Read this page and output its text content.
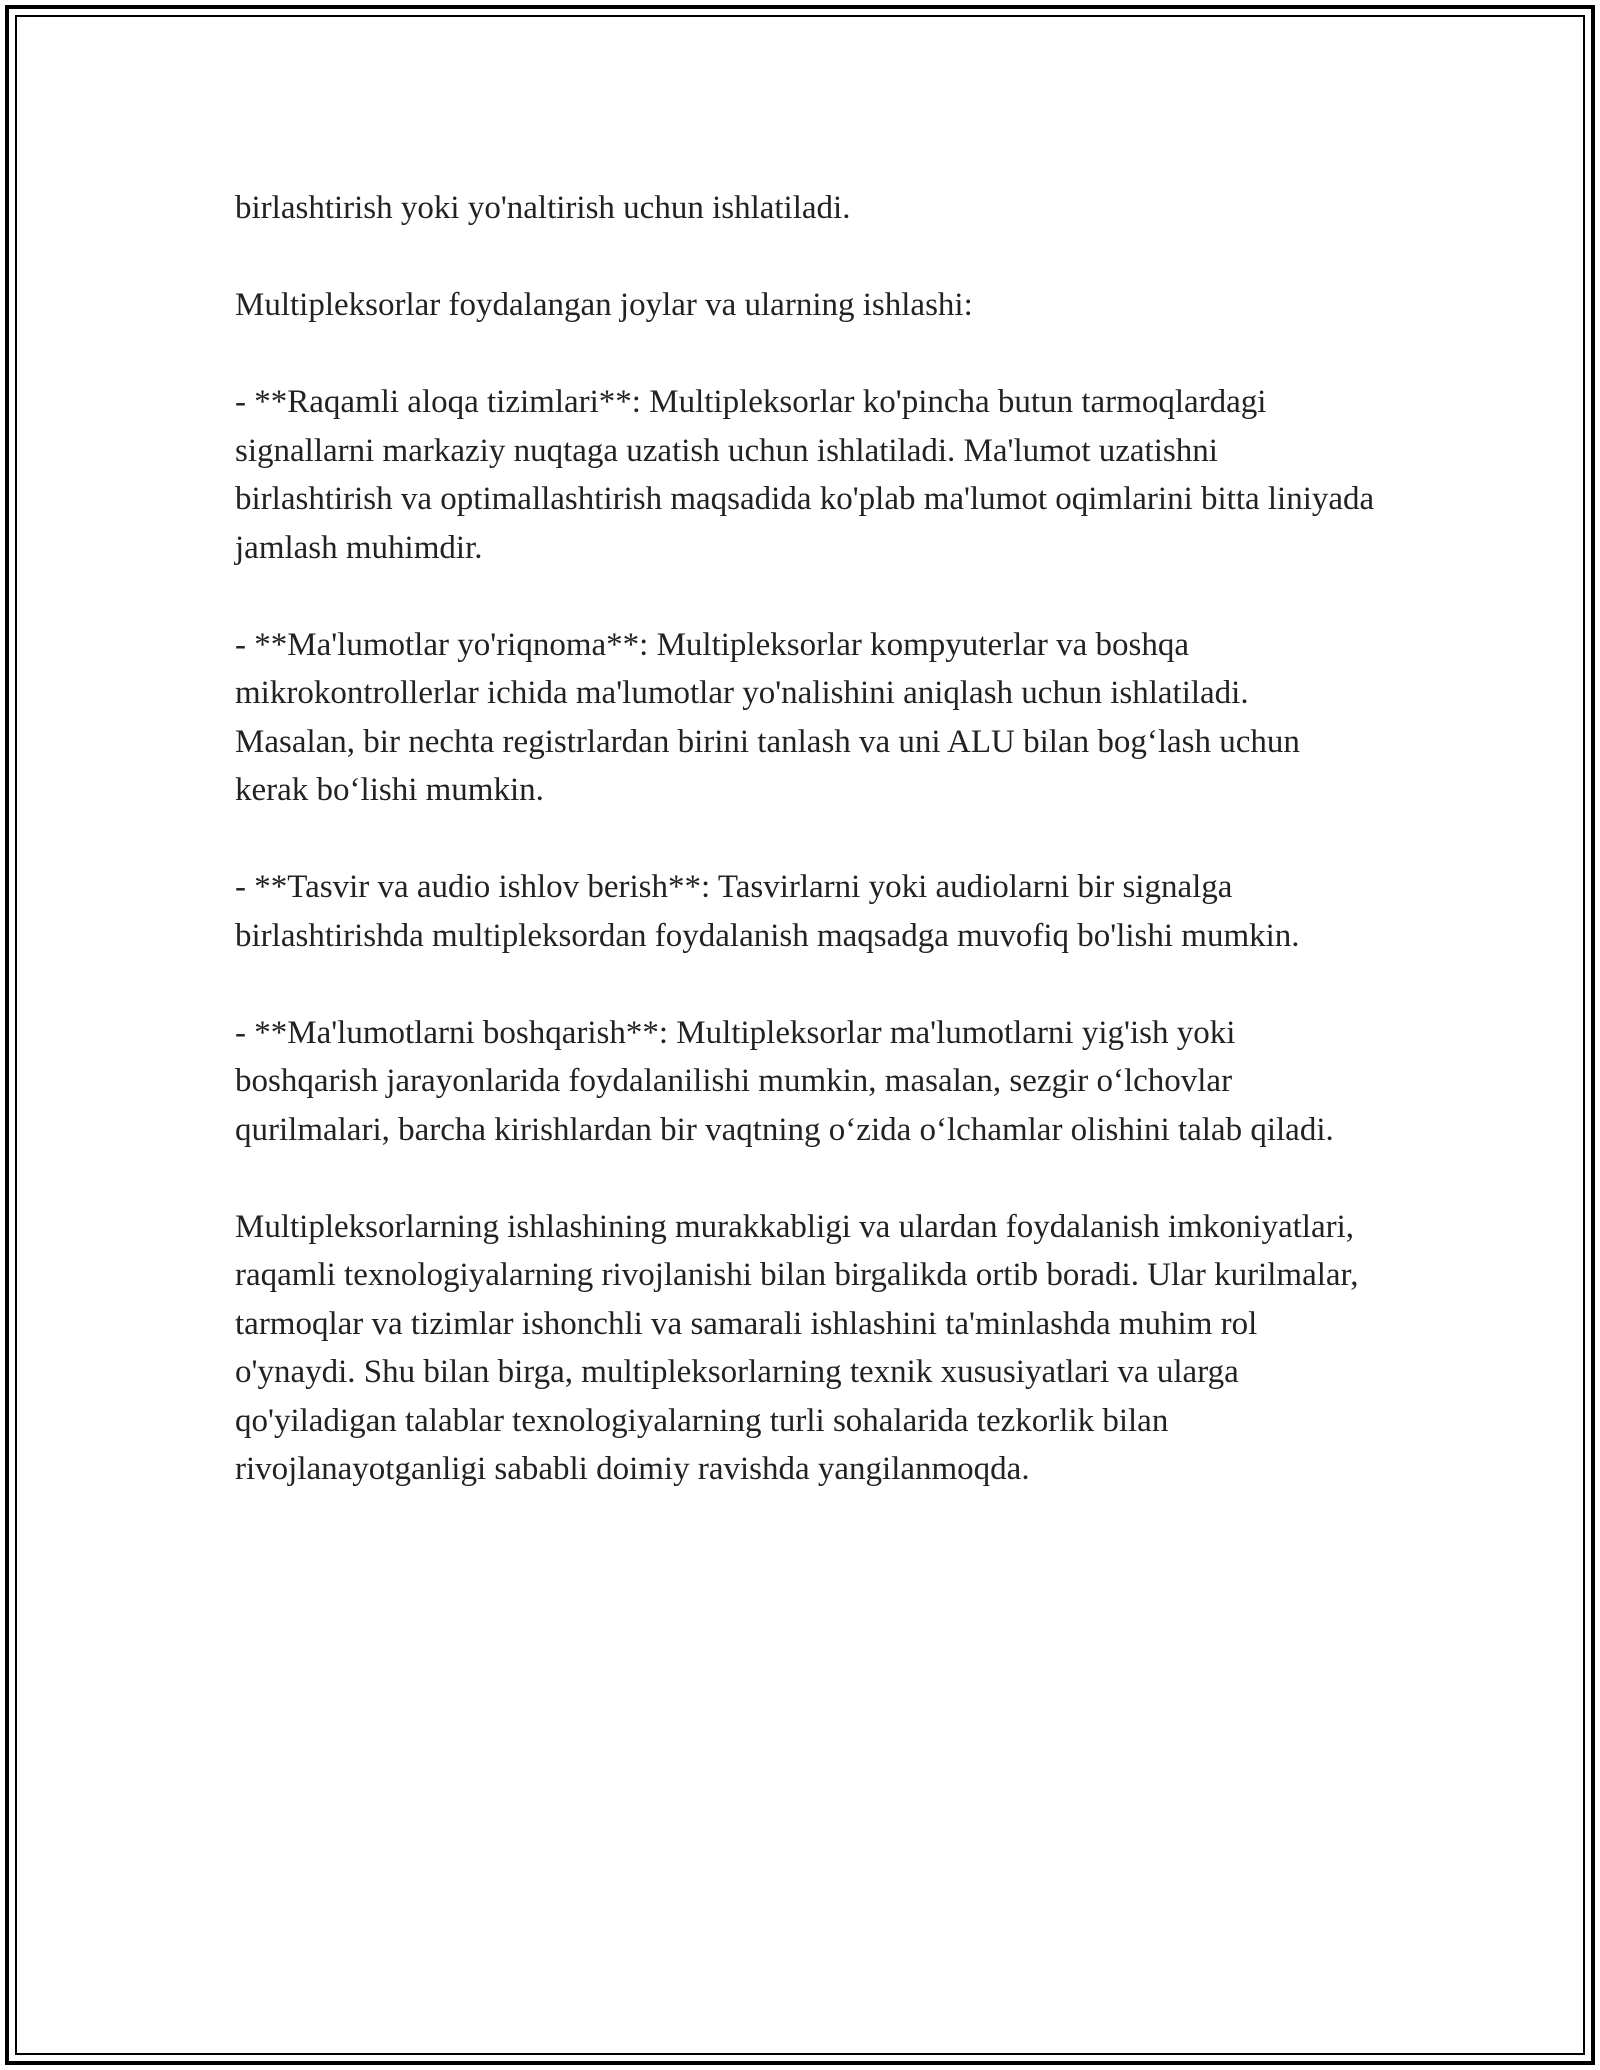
birlashtirish yoki yo'naltirish uchun ishlatiladi.

Multipleksorlar foydalangan joylar va ularning ishlashi:

- **Raqamli aloqa tizimlari**: Multipleksorlar ko'pincha butun tarmoqlardagi signallarni markaziy nuqtaga uzatish uchun ishlatiladi. Ma'lumot uzatishni birlashtirish va optimallashtirish maqsadida ko'plab ma'lumot oqimlarini bitta liniyada jamlash muhimdir.

- **Ma'lumotlar yo'riqnoma**: Multipleksorlar kompyuterlar va boshqa mikrokontrollerlar ichida ma'lumotlar yo'nalishini aniqlash uchun ishlatiladi. Masalan, bir nechta registrlardan birini tanlash va uni ALU bilan bog‘lash uchun kerak bo‘lishi mumkin.

- **Tasvir va audio ishlov berish**: Tasvirlarni yoki audiolarni bir signalga birlashtirishda multipleksordan foydalanish maqsadga muvofiq bo'lishi mumkin.

- **Ma'lumotlarni boshqarish**: Multipleksorlar ma'lumotlarni yig'ish yoki boshqarish jarayonlarida foydalanilishi mumkin, masalan, sezgir o‘lchovlar qurilmalari, barcha kirishlardan bir vaqtning o‘zida o‘lchamlar olishini talab qiladi.

Multipleksorlarning ishlashining murakkabligi va ulardan foydalanish imkoniyatlari, raqamli texnologiyalarning rivojlanishi bilan birgalikda ortib boradi. Ular kurilmalar, tarmoqlar va tizimlar ishonchli va samarali ishlashini ta'minlashda muhim rol o'ynaydi. Shu bilan birga, multipleksorlarning texnik xususiyatlari va ularga qo'yiladigan talablar texnologiyalarning turli sohalarida tezkorlik bilan rivojlanayotganligi sababli doimiy ravishda yangilanmoqda.
